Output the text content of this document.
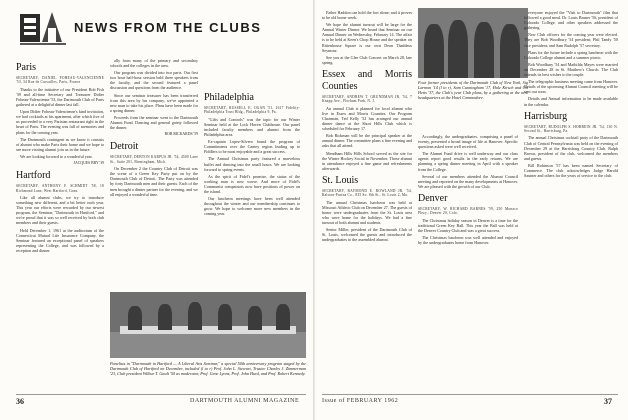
NEWS FROM THE CLUBS
Paris
SECRETARY, DANIEL FOHEAU-VALENCIENNE '53, 34 Rue de Cursailles, Paris, France

Thanks to the initiative of our President Bob Fish '39 and all-time Secretary and Treasurer Didier Foheau-Valencienne '53, the Dartmouth Club of Paris gathered at a delightful dinner last fall.

Upon Didier Foheau-Valencienne's kind invitation, we had cocktails at his apartment, after which five of us proceeded to a very Parisian restaurant right in the heart of Paris. The evening was full of memories and plans for the coming year.

The Dartmouth contingent as we know it consists of alumni who make Paris their home and we hope to see more visiting alumni join us in the future.

We are looking forward to a wonderful year.

JACQUES BRY '39
Hartford
SECRETARY, ANTHONY F. SCHMIDT '58, 18 Richmond Lane, West Hartford, Conn.

Like all alumni clubs, we try to introduce something new different, and a bit better each year. This year our efforts were rewarded by our newest program, the Seminar, "Dartmouth in Hartford," and we're proud that it was so well received by both club members and their guests.

Held December 1, 1961 at the auditorium of the Connecticut Mutual Life Insurance Company, the Seminar featured an exceptional panel of speakers representing the College, and was followed by a reception and dinner.

ally from many of the primary and secondary schools and the colleges in the area.

Our program was divided into two parts. Our first two hour half-hour session held three speakers from the faculty, and the second featured a panel discussion and questions from the audience.

Since our seminar treasurer has been transferred from this area by his company, we've appointed a new man to take his place. Plans have been made for a spring dinner.

Proceeds from the seminar went to the Dartmouth Alumni Fund. Dancing and general gaiety followed the dinner.

BOB RICKARDS '59
Detroit
SECRETARY, DEBTON KARPUS JR. '54, 4500 Lane St., Suite 201, Birmingham, Mich.

On December 2 the Country Club of Detroit was the scene of a Green Key Party put on by the Dartmouth Club of Detroit. The Party was attended by forty Dartmouth men and their guests. Each of the men brought a dinner partner for the evening, and we all enjoyed a wonderful time.

Philadelphia
SECRETARY, RUSSELL E. OGAN '51, 1617 Fidelity-Philadelphia Trust Bldg., Philadelphia 9, Pa.

"Gifts and Controls" was the topic for our Winter Seminar held at the Lock Haven Clubhouse. Our panel included faculty members and alumni from the Philadelphia area.

Ex-captain Lopez-Silvero found the program of Commitments over the Cantey region leading up to Fiddlers to be most enjoyable and a great success.

The Annual Christmas party featured a marvelous buffet and dancing into the small hours. We are looking forward to spring events.

As the spirit of Fidel's promise, the status of the working man is now worse. And more of Fidel's Communist compatriots now have positions of power on the island.

Our luncheon meetings have been well attended throughout the winter and our membership continues to grow. We hope to welcome more new members in the coming year.

Panelists in "Dartmouth in Hartford — A Liberal Arts Seminar," a special 50th anniversary program staged by the Dartmouth Club of Hartford on December, included (l to r) Prof. John L. Stewart, Trustee Charles J. Zimmerman '23, Club president Wilbur T. Gault '50 as moderator, Prof. Gene Lyons, Prof. John Hurd, and Prof. Robert Kennedy.
36	DARTMOUTH ALUMNI MAGAZINE

Father Haddon can hold the fort alone; and it proves to be old home week.

We hope the alumni turnout will be large for the Annual Winter Dinner. We heard that Seminar on our Annual Dinner on Wednesday, February 14. The affair is to be held at Keen's Chop House and the speaker on Rittenhouse Square is our own Dean Thaddeus Seymour.

See you at the Glee Club Concert on March 28, late spring.

Essex and Morris Counties
SECRETARY, ANDREW T. GRUNDMAN JR. '54, 7 Knapp Ave., Florham Park, N. J.

An annual Club is planned for local alumni who live in Essex and Morris Counties. Our Program Chairman, Ted Kelly '52 has arranged our annual dinner dance at the Short Hills Club which is scheduled for February 17.

Bob Rickman will be the principal speaker at the annual dinner. The committee plans a fine evening and asks that all attend.

Mendham Hills Hills School served as the site for the Winter Hockey Social in November. Those alumni in attendance enjoyed a fine game and refreshments afterwards.

St. Louis
SECRETARY, RAYMOND E. ROWLAND JR. '54, Ralston-Purina Co., 835 So. 8th St., St. Louis 2, Mo.

The annual Christmas luncheon was held at Missouri Athletic Club on December 27. The guests of honor were undergraduates from the St. Louis area who were home for the holidays. We had a fine turnout of both alumni and students.

Senior Miller, president of the Dartmouth Club of St. Louis, welcomed the guests and introduced the undergraduates to the assembled alumni.

Four former presidents of the Dartmouth Club of New York, Sig Larmon '14 (l to r), Sam Cunningham '17, Hale Kirsch and Ott Hetts '37, the Club's year Club plans, by a gathering at the new headquarters at the Hotel Commodore.

Accordingly, the undergraduates, comprising a panel of twenty, presented a broad image of life at Hanover. Specific questions asked were well received.

The Alumni Fund drive is well underway and our class agents report good results in the early returns. We are planning a spring dinner meeting in April with a speaker from the College.

Several of our members attended the Alumni Council meeting and reported on the many developments at Hanover. We are pleased with the growth of our Club.

Denver
SECRETARY, W. RICHARD BARNES '59, 250 Monaco Pkwy., Denver 20, Colo.

The Christmas holiday season in Denver is a time for the traditional Green Key Ball. This year the Ball was held at the Denver Country Club and was a great success.

The Christmas luncheon was well attended and enjoyed by the undergraduates home from Hanover.

everyone enjoyed the "Visit to Dartmouth" film that followed a good meal. Dr. Louis Bruner '56, president of Colorado College, and other speakers addressed the gathering.

New Club officers for the coming year were elected. They are Bob Woodbury '54 president; Phil Tandy '50 vice president; and Sam Rudolph '57 secretary.

Plans for the future include a spring luncheon with the Colorado College alumni and a summer picnic.

Bob Woodbury '54 and Mathilda Mayes were married on December 28 in St. Matthew's Church. The Club extends its best wishes to the couple.

The telegraphic business meeting came from Hanover. Details of the upcoming Alumni Council meeting will be sent out soon.

Details and Annual information to be made available in the calendar.

Harrisburg
SECRETARY, RUDOLPH S. HOBBEIN JR. '54, 130 N. Second St., Harrisburg, Pa.

The annual Christmas cocktail party of the Dartmouth Club of Central Pennsylvania was held on the evening of December 29 at the Harrisburg Country Club. Ralph Brown, president of the club, welcomed the members and guests.

Bill Robinson '57 has been named Secretary of Commerce. The club acknowledges Judge Harold Sautner and others for the years of service to the club.

Issue of FEBRUARY 1962	37
